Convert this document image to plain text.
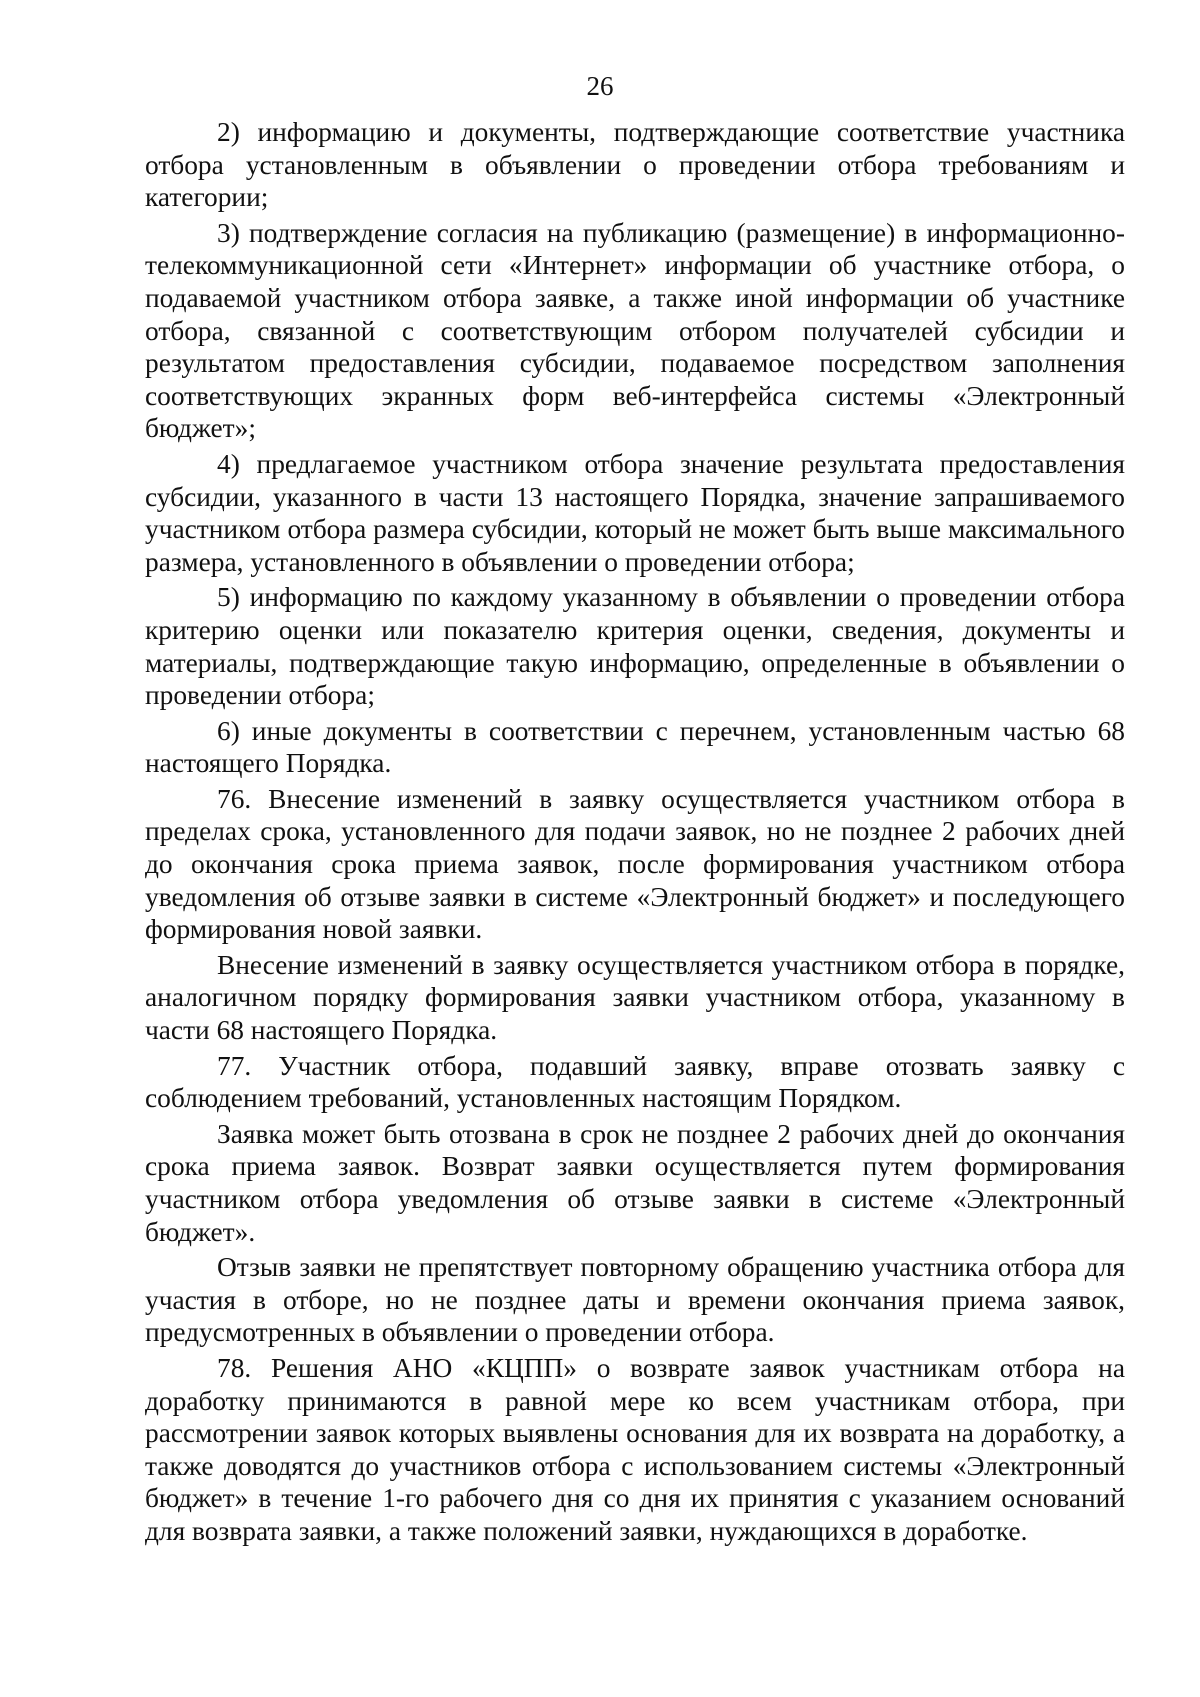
26

2) информацию и документы, подтверждающие соответствие участника отбора установленным в объявлении о проведении отбора требованиям и категории;

3) подтверждение согласия на публикацию (размещение) в информационно-телекоммуникационной сети «Интернет» информации об участнике отбора, о подаваемой участником отбора заявке, а также иной информации об участнике отбора, связанной с соответствующим отбором получателей субсидии и результатом предоставления субсидии, подаваемое посредством заполнения соответствующих экранных форм веб-интерфейса системы «Электронный бюджет»;

4) предлагаемое участником отбора значение результата предоставления субсидии, указанного в части 13 настоящего Порядка, значение запрашиваемого участником отбора размера субсидии, который не может быть выше максимального размера, установленного в объявлении о проведении отбора;

5) информацию по каждому указанному в объявлении о проведении отбора критерию оценки или показателю критерия оценки, сведения, документы и материалы, подтверждающие такую информацию, определенные в объявлении о проведении отбора;

6) иные документы в соответствии с перечнем, установленным частью 68 настоящего Порядка.

76. Внесение изменений в заявку осуществляется участником отбора в пределах срока, установленного для подачи заявок, но не позднее 2 рабочих дней до окончания срока приема заявок, после формирования участником отбора уведомления об отзыве заявки в системе «Электронный бюджет» и последующего формирования новой заявки.

Внесение изменений в заявку осуществляется участником отбора в порядке, аналогичном порядку формирования заявки участником отбора, указанному в части 68 настоящего Порядка.

77. Участник отбора, подавший заявку, вправе отозвать заявку с соблюдением требований, установленных настоящим Порядком.

Заявка может быть отозвана в срок не позднее 2 рабочих дней до окончания срока приема заявок. Возврат заявки осуществляется путем формирования участником отбора уведомления об отзыве заявки в системе «Электронный бюджет».

Отзыв заявки не препятствует повторному обращению участника отбора для участия в отборе, но не позднее даты и времени окончания приема заявок, предусмотренных в объявлении о проведении отбора.

78. Решения АНО «КЦПП» о возврате заявок участникам отбора на доработку принимаются в равной мере ко всем участникам отбора, при рассмотрении заявок которых выявлены основания для их возврата на доработку, а также доводятся до участников отбора с использованием системы «Электронный бюджет» в течение 1-го рабочего дня со дня их принятия с указанием оснований для возврата заявки, а также положений заявки, нуждающихся в доработке.
